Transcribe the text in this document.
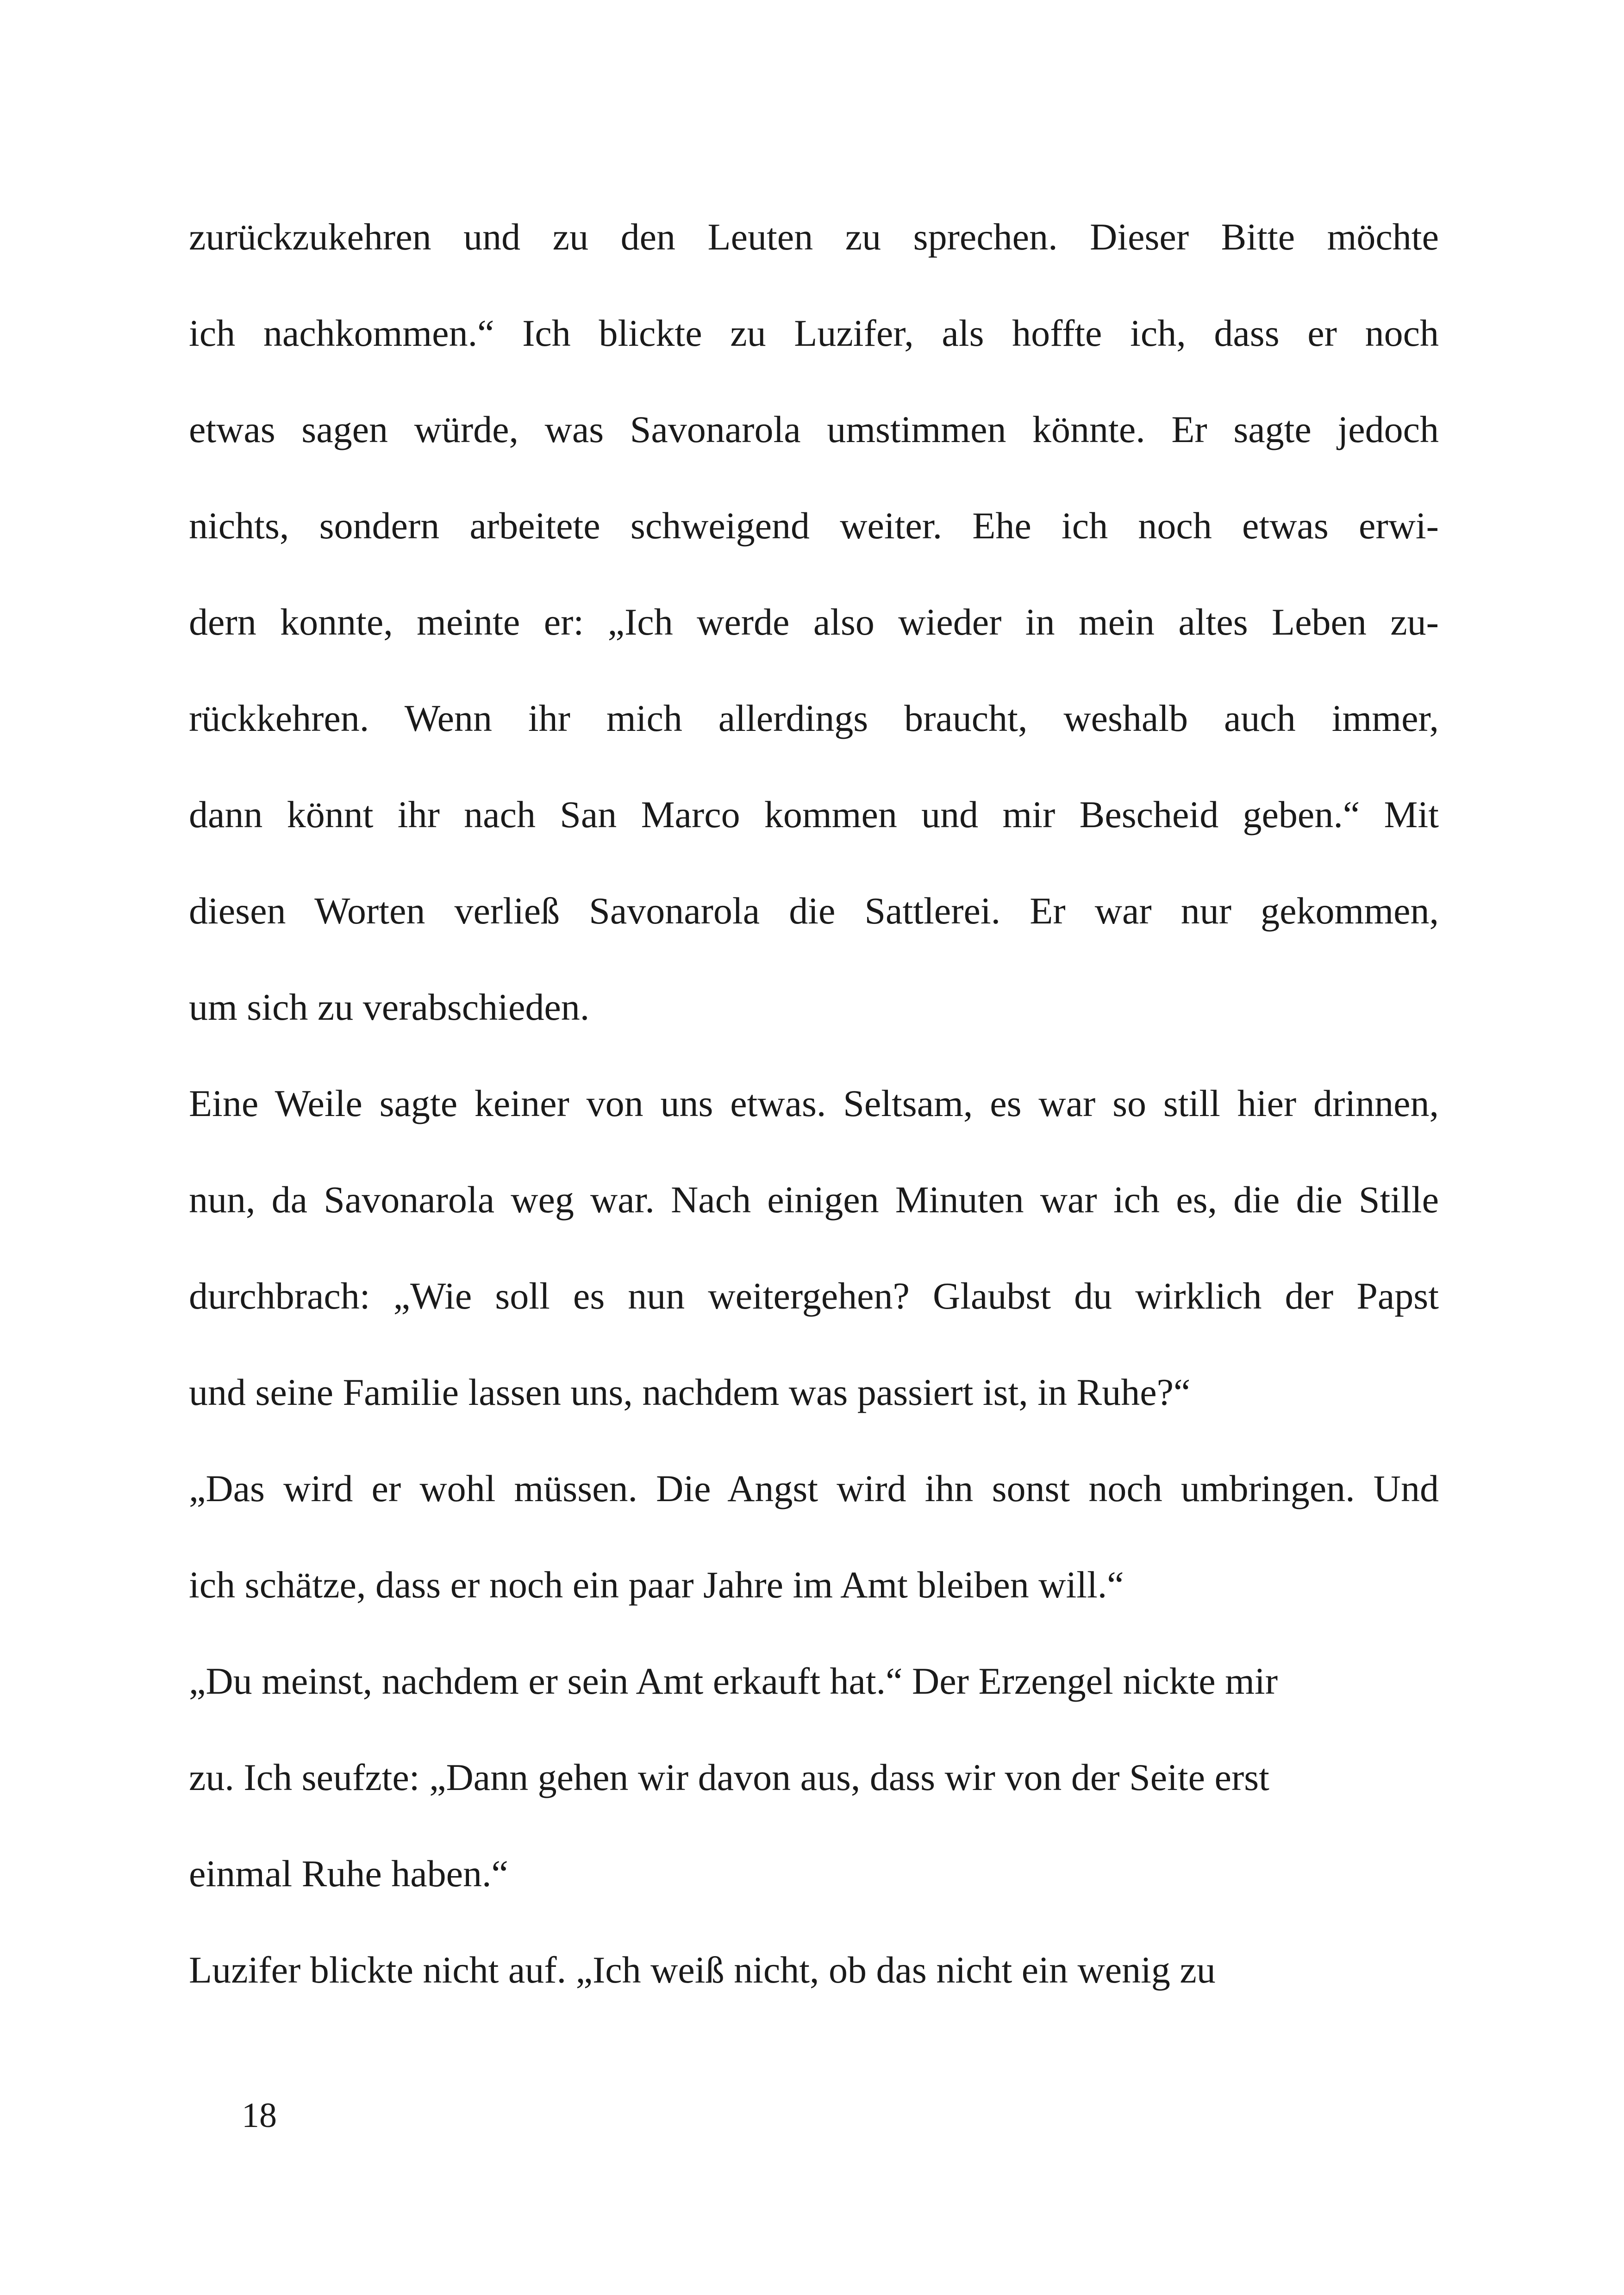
zurückzukehren und zu den Leuten zu sprechen. Dieser Bitte möchte
ich nachkommen.“ Ich blickte zu Luzifer, als hoffte ich, dass er noch
etwas sagen würde, was Savonarola umstimmen könnte. Er sagte jedoch
nichts, sondern arbeitete schweigend weiter. Ehe ich noch etwas erwi-
dern konnte, meinte er: „Ich werde also wieder in mein altes Leben zu-
rückkehren. Wenn ihr mich allerdings braucht, weshalb auch immer,
dann könnt ihr nach San Marco kommen und mir Bescheid geben.“ Mit
diesen Worten verließ Savonarola die Sattlerei. Er war nur gekommen,
um sich zu verabschieden.
Eine Weile sagte keiner von uns etwas. Seltsam, es war so still hier drinnen,
nun, da Savonarola weg war. Nach einigen Minuten war ich es, die die Stille
durchbrach: „Wie soll es nun weitergehen? Glaubst du wirklich der Papst
und seine Familie lassen uns, nachdem was passiert ist, in Ruhe?“
„Das wird er wohl müssen. Die Angst wird ihn sonst noch umbringen. Und
ich schätze, dass er noch ein paar Jahre im Amt bleiben will.“
„Du meinst, nachdem er sein Amt erkauft hat.“ Der Erzengel nickte mir
zu. Ich seufzte: „Dann gehen wir davon aus, dass wir von der Seite erst
einmal Ruhe haben.“
Luzifer blickte nicht auf. „Ich weiß nicht, ob das nicht ein wenig zu
18
